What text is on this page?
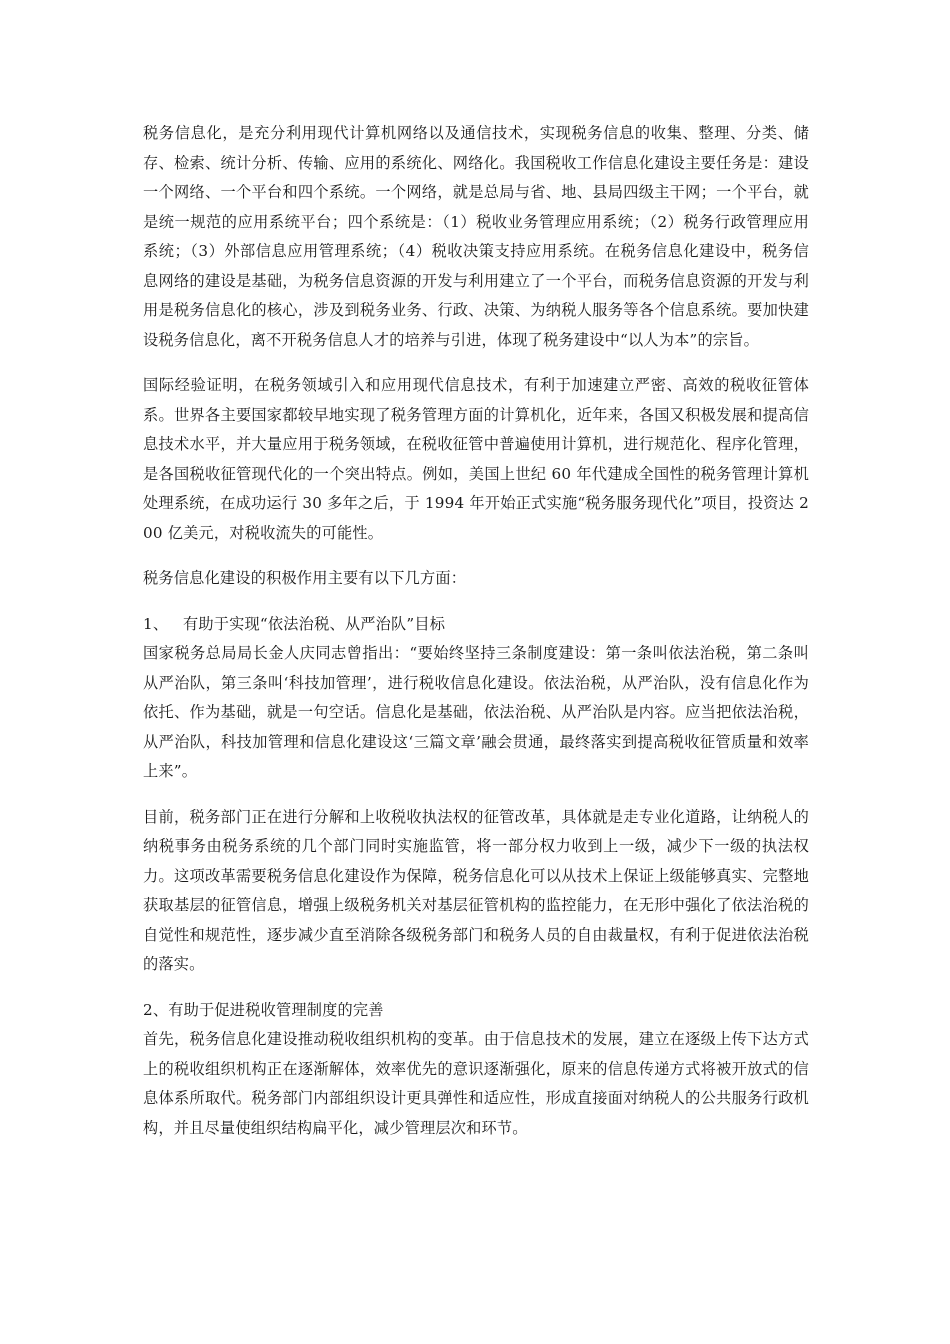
税务信息化，是充分利用现代计算机网络以及通信技术，实现税务信息的收集、整理、分类、储存、检索、统计分析、传输、应用的系统化、网络化。我国税收工作信息化建设主要任务是：建设一个网络、一个平台和四个系统。一个网络，就是总局与省、地、县局四级主干网；一个平台，就是统一规范的应用系统平台；四个系统是：（1）税收业务管理应用系统；（2）税务行政管理应用系统；（3）外部信息应用管理系统；（4）税收决策支持应用系统。在税务信息化建设中，税务信息网络的建设是基础，为税务信息资源的开发与利用建立了一个平台，而税务信息资源的开发与利用是税务信息化的核心，涉及到税务业务、行政、决策、为纳税人服务等各个信息系统。要加快建设税务信息化，离不开税务信息人才的培养与引进，体现了税务建设中“以人为本”的宗旨。

国际经验证明，在税务领域引入和应用现代信息技术，有利于加速建立严密、高效的税收征管体系。世界各主要国家都较早地实现了税务管理方面的计算机化，近年来，各国又积极发展和提高信息技术水平，并大量应用于税务领域，在税收征管中普遍使用计算机，进行规范化、程序化管理，是各国税收征管现代化的一个突出特点。例如，美国上世纪 60 年代建成全国性的税务管理计算机处理系统，在成功运行 30 多年之后，于 1994 年开始正式实施“税务服务现代化”项目，投资达 200 亿美元，对税收流失的可能性。

税务信息化建设的积极作用主要有以下几方面：

1、 有助于实现“依法治税、从严治队”目标

国家税务总局局长金人庆同志曾指出：“要始终坚持三条制度建设：第一条叫依法治税，第二条叫从严治队，第三条叫‘科技加管理’，进行税收信息化建设。依法治税，从严治队，没有信息化作为依托、作为基础，就是一句空话。信息化是基础，依法治税、从严治队是内容。应当把依法治税，从严治队，科技加管理和信息化建设这‘三篇文章’融会贯通，最终落实到提高税收征管质量和效率上来”。

目前，税务部门正在进行分解和上收税收执法权的征管改革，具体就是走专业化道路，让纳税人的纳税事务由税务系统的几个部门同时实施监管，将一部分权力收到上一级，减少下一级的执法权力。这项改革需要税务信息化建设作为保障，税务信息化可以从技术上保证上级能够真实、完整地获取基层的征管信息，增强上级税务机关对基层征管机构的监控能力，在无形中强化了依法治税的自觉性和规范性，逐步减少直至消除各级税务部门和税务人员的自由裁量权，有利于促进依法治税的落实。

2、有助于促进税收管理制度的完善

首先，税务信息化建设推动税收组织机构的变革。由于信息技术的发展，建立在逐级上传下达方式上的税收组织机构正在逐渐解体，效率优先的意识逐渐强化，原来的信息传递方式将被开放式的信息体系所取代。税务部门内部组织设计更具弹性和适应性，形成直接面对纳税人的公共服务行政机构，并且尽量使组织结构扁平化，减少管理层次和环节。
